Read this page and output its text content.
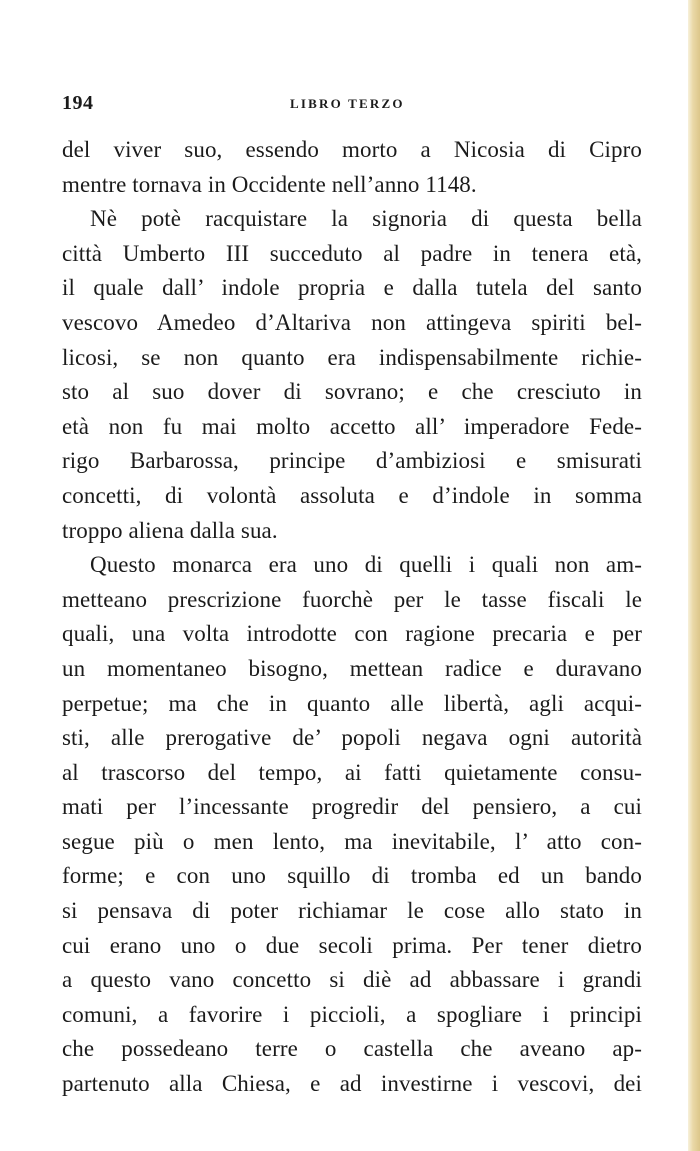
194	LIBRO TERZO
del viver suo, essendo morto a Nicosia di Cipro
mentre tornava in Occidente nell’anno 1148.
Nè potè racquistare la signoria di questa bella
città Umberto III succeduto al padre in tenera età,
il quale dall’ indole propria e dalla tutela del santo
vescovo Amedeo d’Altariva non attingeva spiriti bel-
licosi, se non quanto era indispensabilmente richie-
sto al suo dover di sovrano; e che cresciuto in
età non fu mai molto accetto all’ imperadore Fede-
rigo Barbarossa, principe d’ambiziosi e smisurati
concetti, di volontà assoluta e d’indole in somma
troppo aliena dalla sua.
Questo monarca era uno di quelli i quali non am-
metteano prescrizione fuorchè per le tasse fiscali le
quali, una volta introdotte con ragione precaria e per
un momentaneo bisogno, mettean radice e duravano
perpetue; ma che in quanto alle libertà, agli acqui-
sti, alle prerogative de’ popoli negava ogni autorità
al trascorso del tempo, ai fatti quietamente consu-
mati per l’incessante progredir del pensiero, a cui
segue più o men lento, ma inevitabile, l’ atto con-
forme; e con uno squillo di tromba ed un bando
si pensava di poter richiamar le cose allo stato in
cui erano uno o due secoli prima. Per tener dietro
a questo vano concetto si diè ad abbassare i grandi
comuni, a favorire i piccioli, a spogliare i principi
che possedeano terre o castella che aveano ap-
partenuto alla Chiesa, e ad investirne i vescovi, dei
